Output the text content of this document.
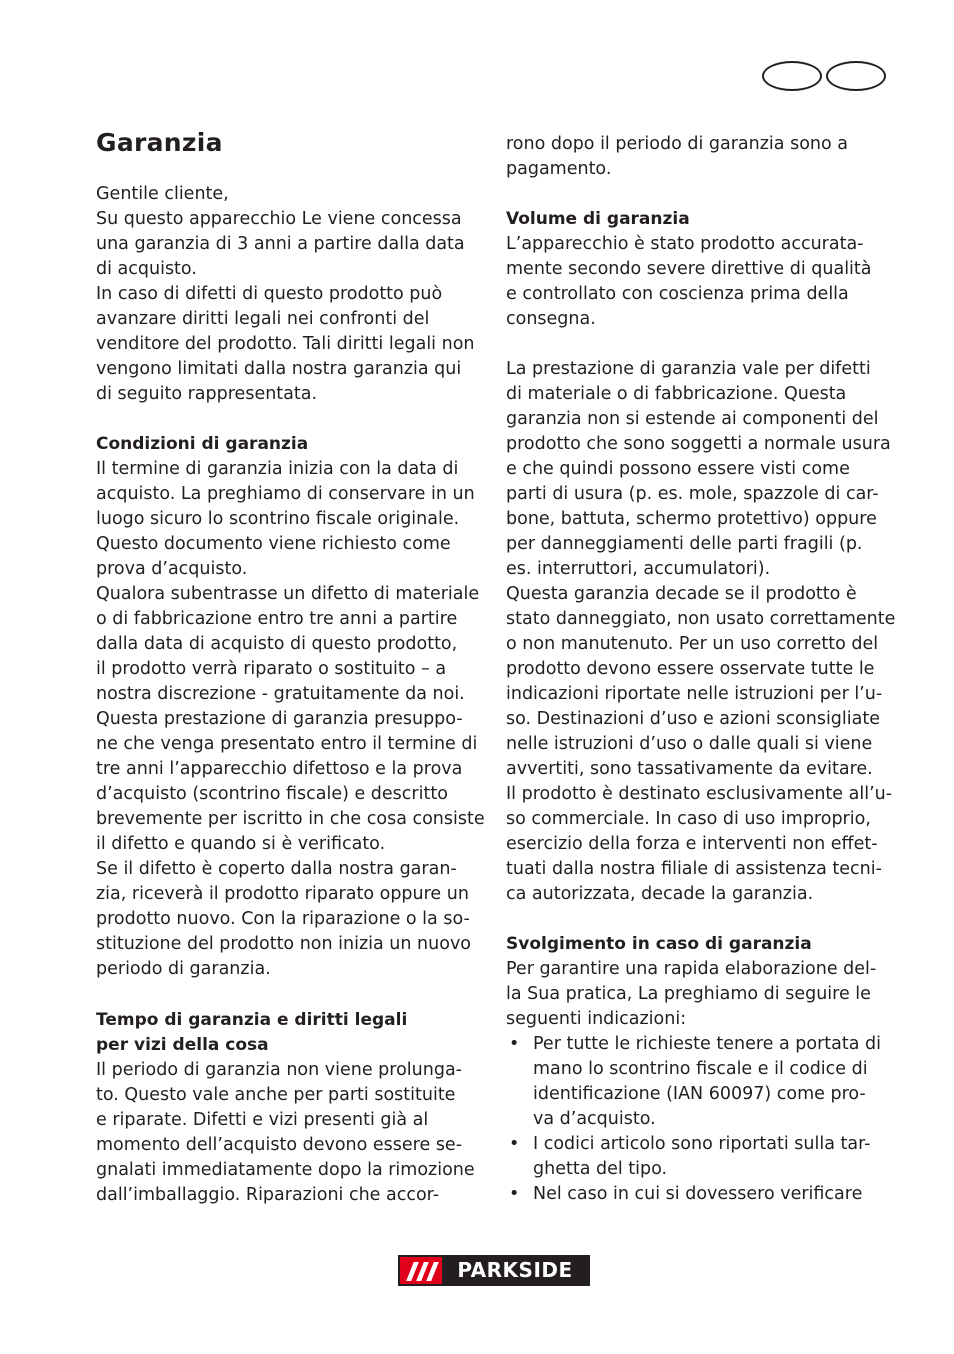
Garanzia
Gentile cliente,
Su questo apparecchio Le viene concessa
una garanzia di 3 anni a partire dalla data
di acquisto.
In caso di difetti di questo prodotto può
avanzare diritti legali nei confronti del
venditore del prodotto. Tali diritti legali non
vengono limitati dalla nostra garanzia qui
di seguito rappresentata.
Condizioni di garanzia
Il termine di garanzia inizia con la data di
acquisto. La preghiamo di conservare in un
luogo sicuro lo scontrino fiscale originale.
Questo documento viene richiesto come
prova d’acquisto.
Qualora subentrasse un difetto di materiale
o di fabbricazione entro tre anni a partire
dalla data di acquisto di questo prodotto,
il prodotto verrà riparato o sostituito – a
nostra discrezione - gratuitamente da noi.
Questa prestazione di garanzia presuppo-
ne che venga presentato entro il termine di
tre anni l’apparecchio difettoso e la prova
d’acquisto (scontrino fiscale) e descritto
brevemente per iscritto in che cosa consiste
il difetto e quando si è verificato.
Se il difetto è coperto dalla nostra garan-
zia, riceverà il prodotto riparato oppure un
prodotto nuovo. Con la riparazione o la so-
stituzione del prodotto non inizia un nuovo
periodo di garanzia.
Tempo di garanzia e diritti legali
per vizi della cosa
Il periodo di garanzia non viene prolunga-
to. Questo vale anche per parti sostituite
e riparate. Difetti e vizi presenti già al
momento dell’acquisto devono essere se-
gnalati immediatamente dopo la rimozione
dall’imballaggio. Riparazioni che accor-
rono dopo il periodo di garanzia sono a
pagamento.
Volume di garanzia
L’apparecchio è stato prodotto accurata-
mente secondo severe direttive di qualità
e controllato con coscienza prima della
consegna.
La prestazione di garanzia vale per difetti
di materiale o di fabbricazione. Questa
garanzia non si estende ai componenti del
prodotto che sono soggetti a normale usura
e che quindi possono essere visti come
parti di usura (p. es. mole, spazzole di car-
bone, battuta, schermo protettivo) oppure
per danneggiamenti delle parti fragili (p.
es. interruttori, accumulatori).
Questa garanzia decade se il prodotto è
stato danneggiato, non usato correttamente
o non manutenuto. Per un uso corretto del
prodotto devono essere osservate tutte le
indicazioni riportate nelle istruzioni per l’u-
so. Destinazioni d’uso e azioni sconsigliate
nelle istruzioni d’uso o dalle quali si viene
avvertiti, sono tassativamente da evitare.
Il prodotto è destinato esclusivamente all’u-
so commerciale. In caso di uso improprio,
esercizio della forza e interventi non effet-
tuati dalla nostra filiale di assistenza tecni-
ca autorizzata, decade la garanzia.
Svolgimento in caso di garanzia
Per garantire una rapida elaborazione del-
la Sua pratica, La preghiamo di seguire le
seguenti indicazioni:
• Per tutte le richieste tenere a portata di
mano lo scontrino fiscale e il codice di
identificazione (IAN 60097) come pro-
va d’acquisto.
• I codici articolo sono riportati sulla tar-
ghetta del tipo.
• Nel caso in cui si dovessero verificare
PARKSIDE
